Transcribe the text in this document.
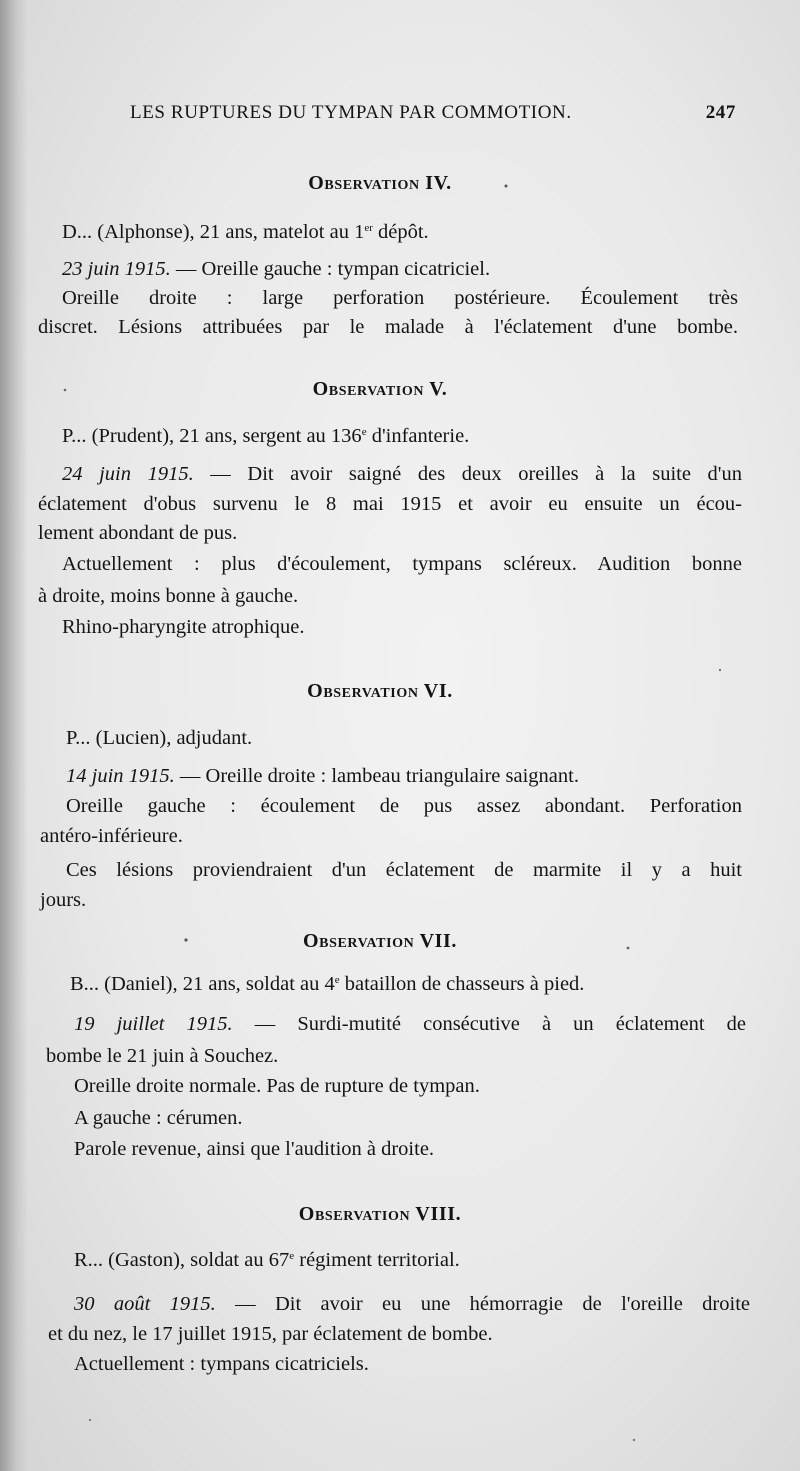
LES RUPTURES DU TYMPAN PAR COMMOTION.	247
Observation IV.
D... (Alphonse), 21 ans, matelot au 1er dépôt.
23 juin 1915. — Oreille gauche : tympan cicatriciel.
Oreille droite : large perforation postérieure. Écoulement très
discret. Lésions attribuées par le malade à l'éclatement d'une bombe.
Observation V.
P... (Prudent), 21 ans, sergent au 136e d'infanterie.
24 juin 1915. — Dit avoir saigné des deux oreilles à la suite d'un
éclatement d'obus survenu le 8 mai 1915 et avoir eu ensuite un écou-
lement abondant de pus.
Actuellement : plus d'écoulement, tympans scléreux. Audition bonne
à droite, moins bonne à gauche.
Rhino-pharyngite atrophique.
Observation VI.
P... (Lucien), adjudant.
14 juin 1915. — Oreille droite : lambeau triangulaire saignant.
Oreille gauche : écoulement de pus assez abondant. Perforation
antéro-inférieure.
Ces lésions proviendraient d'un éclatement de marmite il y a huit
jours.
Observation VII.
B... (Daniel), 21 ans, soldat au 4e bataillon de chasseurs à pied.
19 juillet 1915. — Surdi-mutité consécutive à un éclatement de
bombe le 21 juin à Souchez.
Oreille droite normale. Pas de rupture de tympan.
A gauche : cérumen.
Parole revenue, ainsi que l'audition à droite.
Observation VIII.
R... (Gaston), soldat au 67e régiment territorial.
30 août 1915. — Dit avoir eu une hémorragie de l'oreille droite
et du nez, le 17 juillet 1915, par éclatement de bombe.
Actuellement : tympans cicatriciels.
